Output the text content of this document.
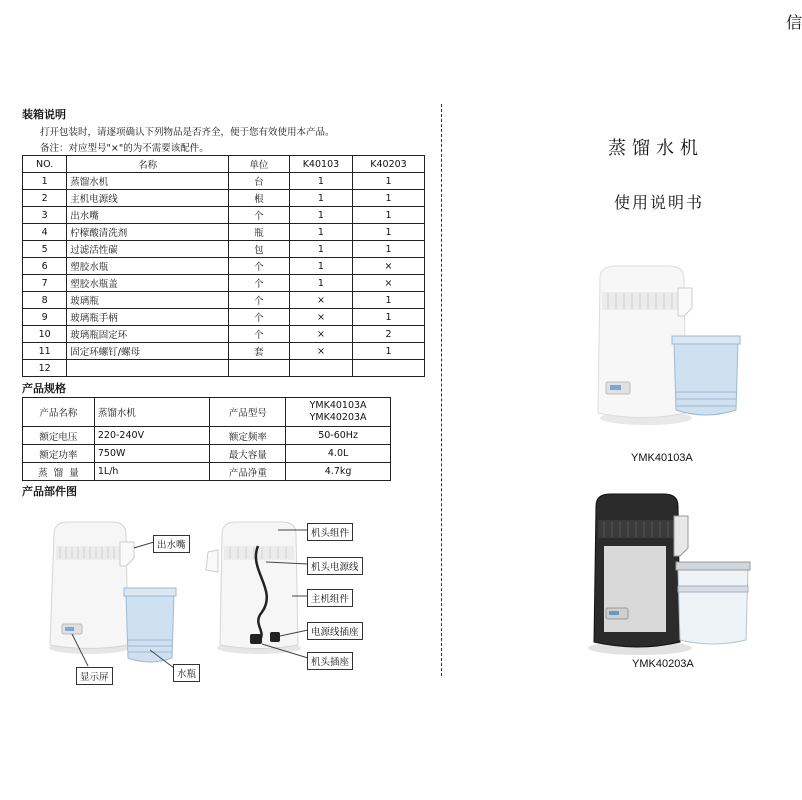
信
装箱说明
打开包装时，请逐项确认下列物品是否齐全，便于您有效使用本产品。
备注：对应型号"×"的为不需要该配件。
NO.	名称	单位	K40103	K40203
1	蒸馏水机	台	1	1
2	主机电源线	根	1	1
3	出水嘴	个	1	1
4	柠檬酸清洗剂	瓶	1	1
5	过滤活性碳	包	1	1
6	塑胶水瓶	个	1	×
7	塑胶水瓶盖	个	1	×
8	玻璃瓶	个	×	1
9	玻璃瓶手柄	个	×	1
10	玻璃瓶固定环	个	×	2
11	固定环螺钉/螺母	套	×	1
12				
产品规格
产品名称	蒸馏水机	产品型号	YMK40103A
YMK40203A

额定电压	220-240V	额定频率	50-60Hz
额定功率	750W	最大容量	4.0L
蒸  馏  量	1L/h	产品净重	4.7kg
产品部件图
出水嘴
显示屏	水瓶
机头组件
机头电源线
主机组件
电源线插座
机头插座
蒸馏水机
使用说明书
YMK40103A
YMK40203A
